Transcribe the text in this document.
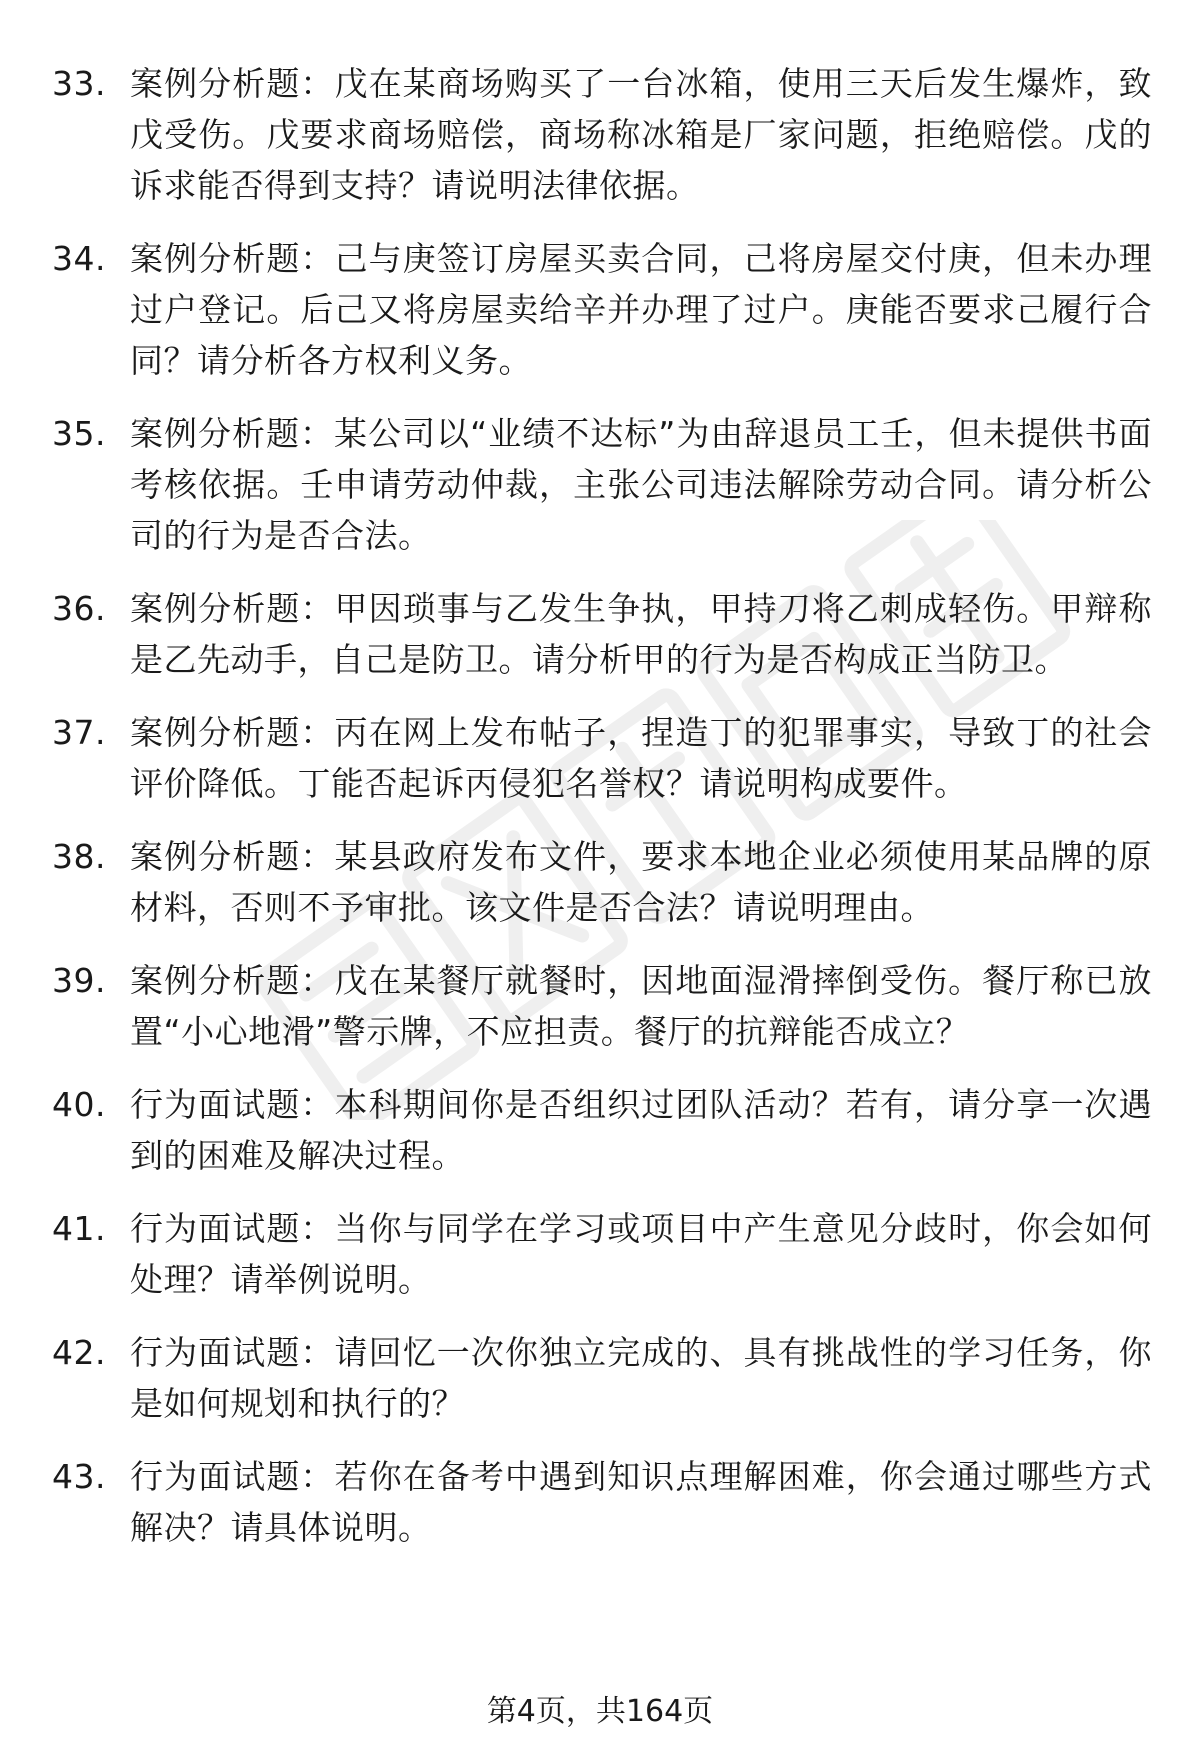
33. 案例分析题：戊在某商场购买了一台冰箱，使用三天后发生爆炸，致戊受伤。戊要求商场赔偿，商场称冰箱是厂家问题，拒绝赔偿。戊的诉求能否得到支持？请说明法律依据。
34. 案例分析题：己与庚签订房屋买卖合同，己将房屋交付庚，但未办理过户登记。后己又将房屋卖给辛并办理了过户。庚能否要求己履行合同？请分析各方权利义务。
35. 案例分析题：某公司以“业绩不达标”为由辞退员工壬，但未提供书面考核依据。壬申请劳动仲裁，主张公司违法解除劳动合同。请分析公司的行为是否合法。
36. 案例分析题：甲因琐事与乙发生争执，甲持刀将乙刺成轻伤。甲辩称是乙先动手，自己是防卫。请分析甲的行为是否构成正当防卫。
37. 案例分析题：丙在网上发布帖子，捏造丁的犯罪事实，导致丁的社会评价降低。丁能否起诉丙侵犯名誉权？请说明构成要件。
38. 案例分析题：某县政府发布文件，要求本地企业必须使用某品牌的原材料，否则不予审批。该文件是否合法？请说明理由。
39. 案例分析题：戊在某餐厅就餐时，因地面湿滑摔倒受伤。餐厅称已放置“小心地滑”警示牌，不应担责。餐厅的抗辩能否成立？
40. 行为面试题：本科期间你是否组织过团队活动？若有，请分享一次遇到的困难及解决过程。
41. 行为面试题：当你与同学在学习或项目中产生意见分歧时，你会如何处理？请举例说明。
42. 行为面试题：请回忆一次你独立完成的、具有挑战性的学习任务，你是如何规划和执行的？
43. 行为面试题：若你在备考中遇到知识点理解困难，你会通过哪些方式解决？请具体说明。
第4页，共164页
